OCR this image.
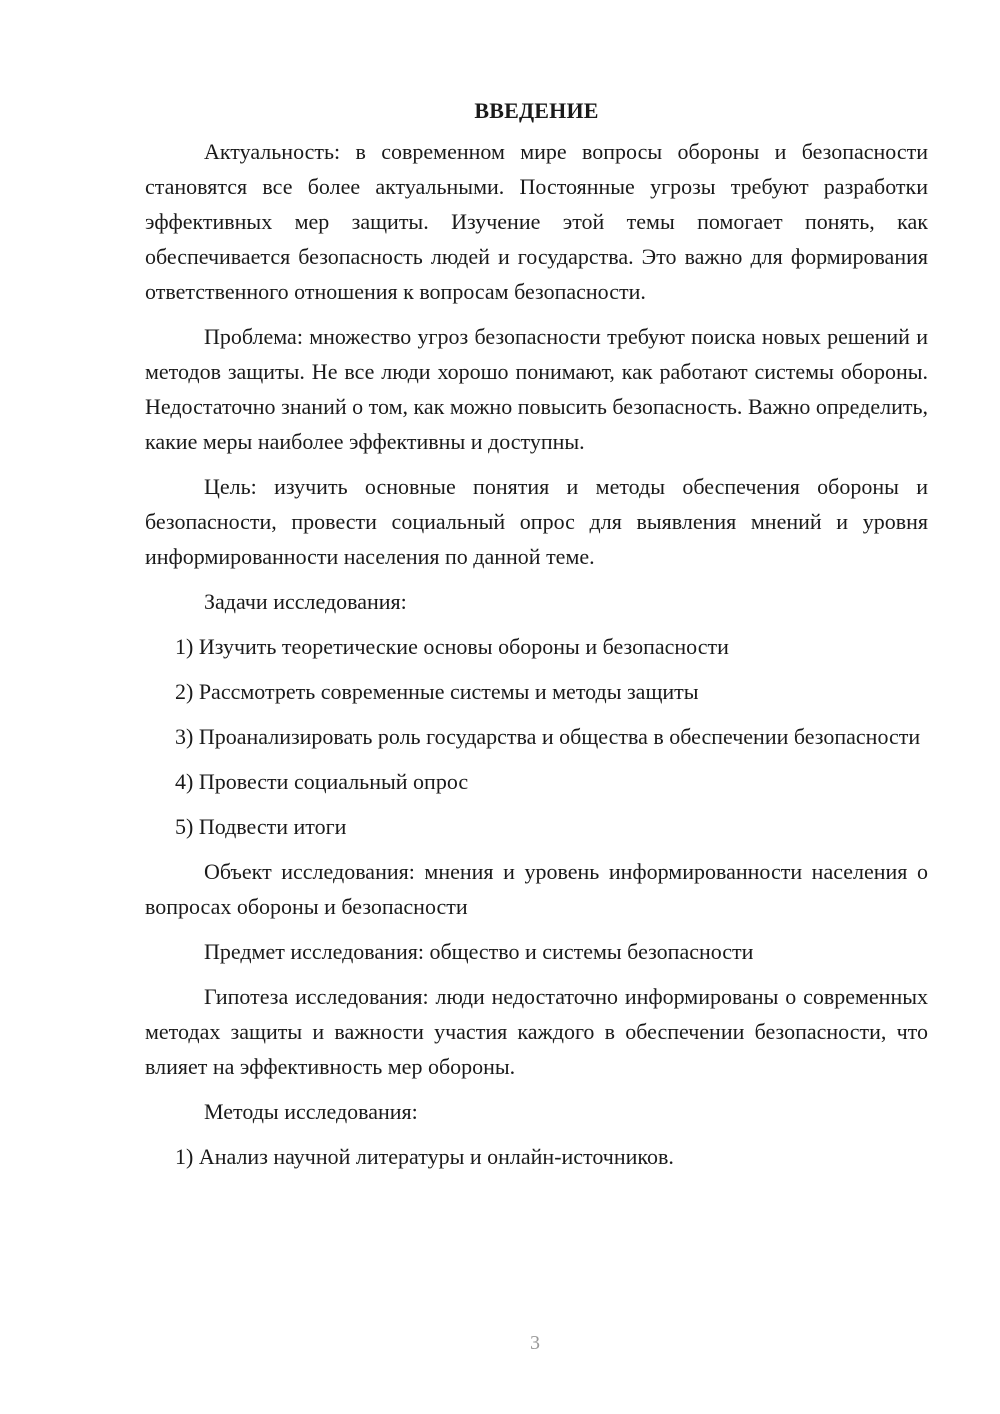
ВВЕДЕНИЕ

Актуальность: в современном мире вопросы обороны и безопасности становятся все более актуальными. Постоянные угрозы требуют разработки эффективных мер защиты. Изучение этой темы помогает понять, как обеспечивается безопасность людей и государства. Это важно для формирования ответственного отношения к вопросам безопасности.

Проблема: множество угроз безопасности требуют поиска новых решений и методов защиты. Не все люди хорошо понимают, как работают системы обороны. Недостаточно знаний о том, как можно повысить безопасность. Важно определить, какие меры наиболее эффективны и доступны.

Цель: изучить основные понятия и методы обеспечения обороны и безопасности, провести социальный опрос для выявления мнений и уровня информированности населения по данной теме.

Задачи исследования:

1) Изучить теоретические основы обороны и безопасности

2) Рассмотреть современные системы и методы защиты

3) Проанализировать роль государства и общества в обеспечении безопасности

4) Провести социальный опрос

5) Подвести итоги

Объект исследования: мнения и уровень информированности населения о вопросах обороны и безопасности

Предмет исследования: общество и системы безопасности

Гипотеза исследования: люди недостаточно информированы о современных методах защиты и важности участия каждого в обеспечении безопасности, что влияет на эффективность мер обороны.

Методы исследования:

1) Анализ научной литературы и онлайн-источников.

3
